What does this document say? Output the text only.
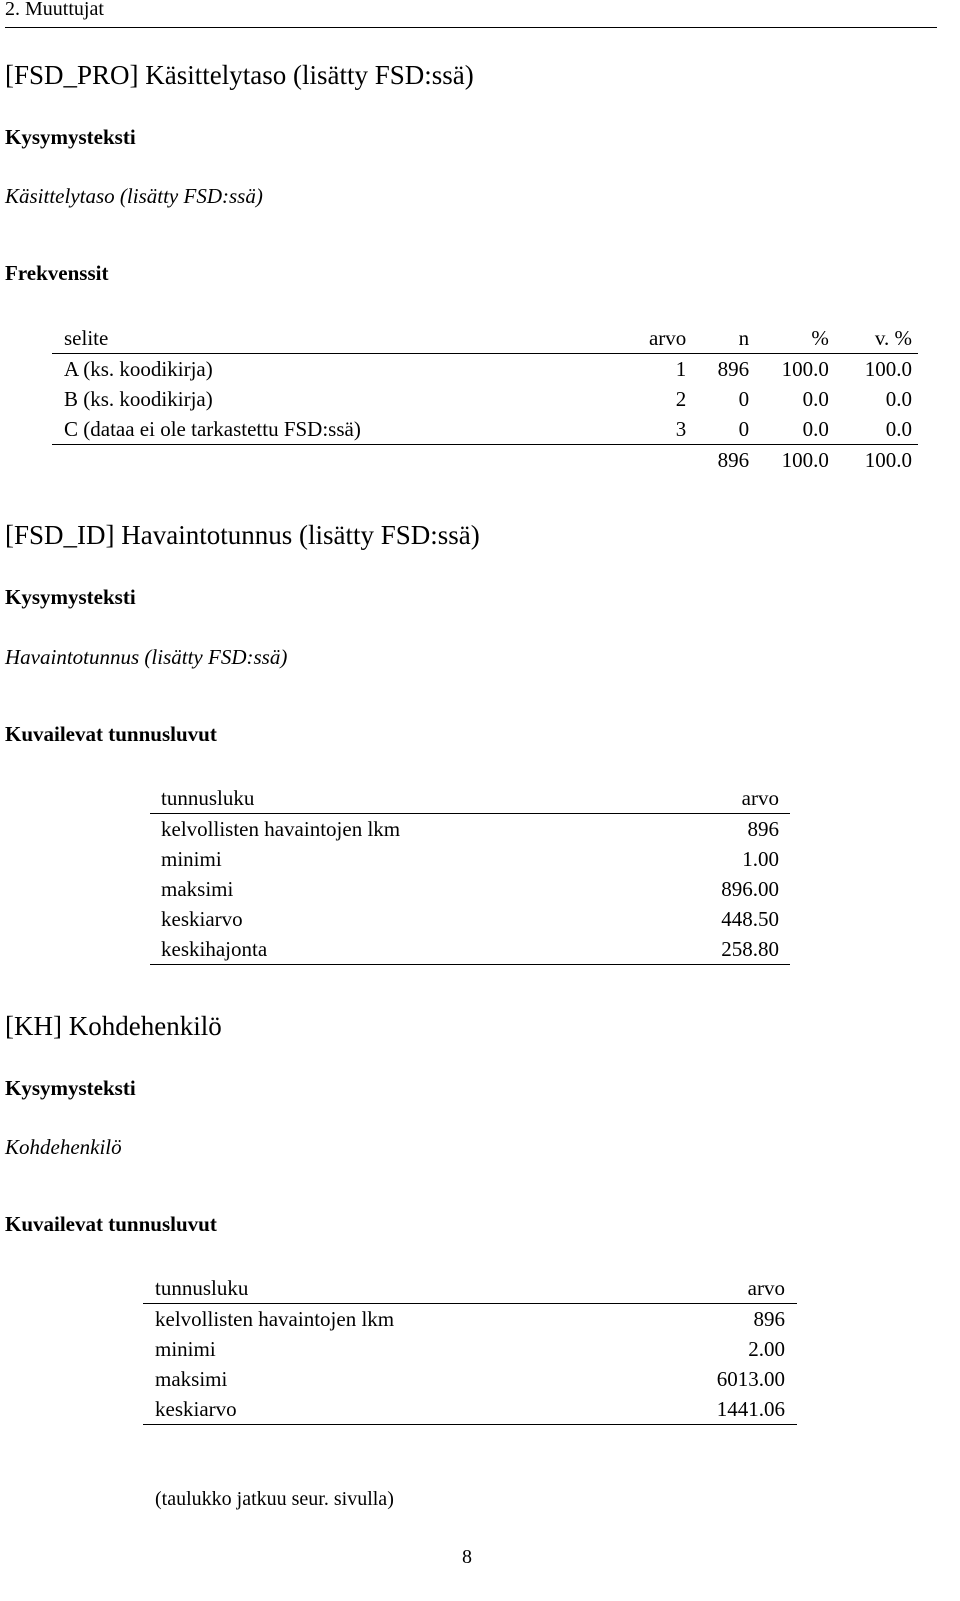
2. Muuttujat
[FSD_PRO] Käsittelytaso (lisätty FSD:ssä)
Kysymysteksti
Käsittelytaso (lisätty FSD:ssä)
Frekvenssit
selite	arvo	n	%	v. %
A (ks. koodikirja)	1	896	100.0	100.0
B (ks. koodikirja)	2	0	0.0	0.0
C (dataa ei ole tarkastettu FSD:ssä)	3	0	0.0	0.0
		896	100.0	100.0
[FSD_ID] Havaintotunnus (lisätty FSD:ssä)
Kysymysteksti
Havaintotunnus (lisätty FSD:ssä)
Kuvailevat tunnusluvut
tunnusluku	arvo
kelvollisten havaintojen lkm	896
minimi	1.00
maksimi	896.00
keskiarvo	448.50
keskihajonta	258.80
[KH] Kohdehenkilö
Kysymysteksti
Kohdehenkilö
Kuvailevat tunnusluvut
tunnusluku	arvo
kelvollisten havaintojen lkm	896
minimi	2.00
maksimi	6013.00
keskiarvo	1441.06
(taulukko jatkuu seur. sivulla)
8
